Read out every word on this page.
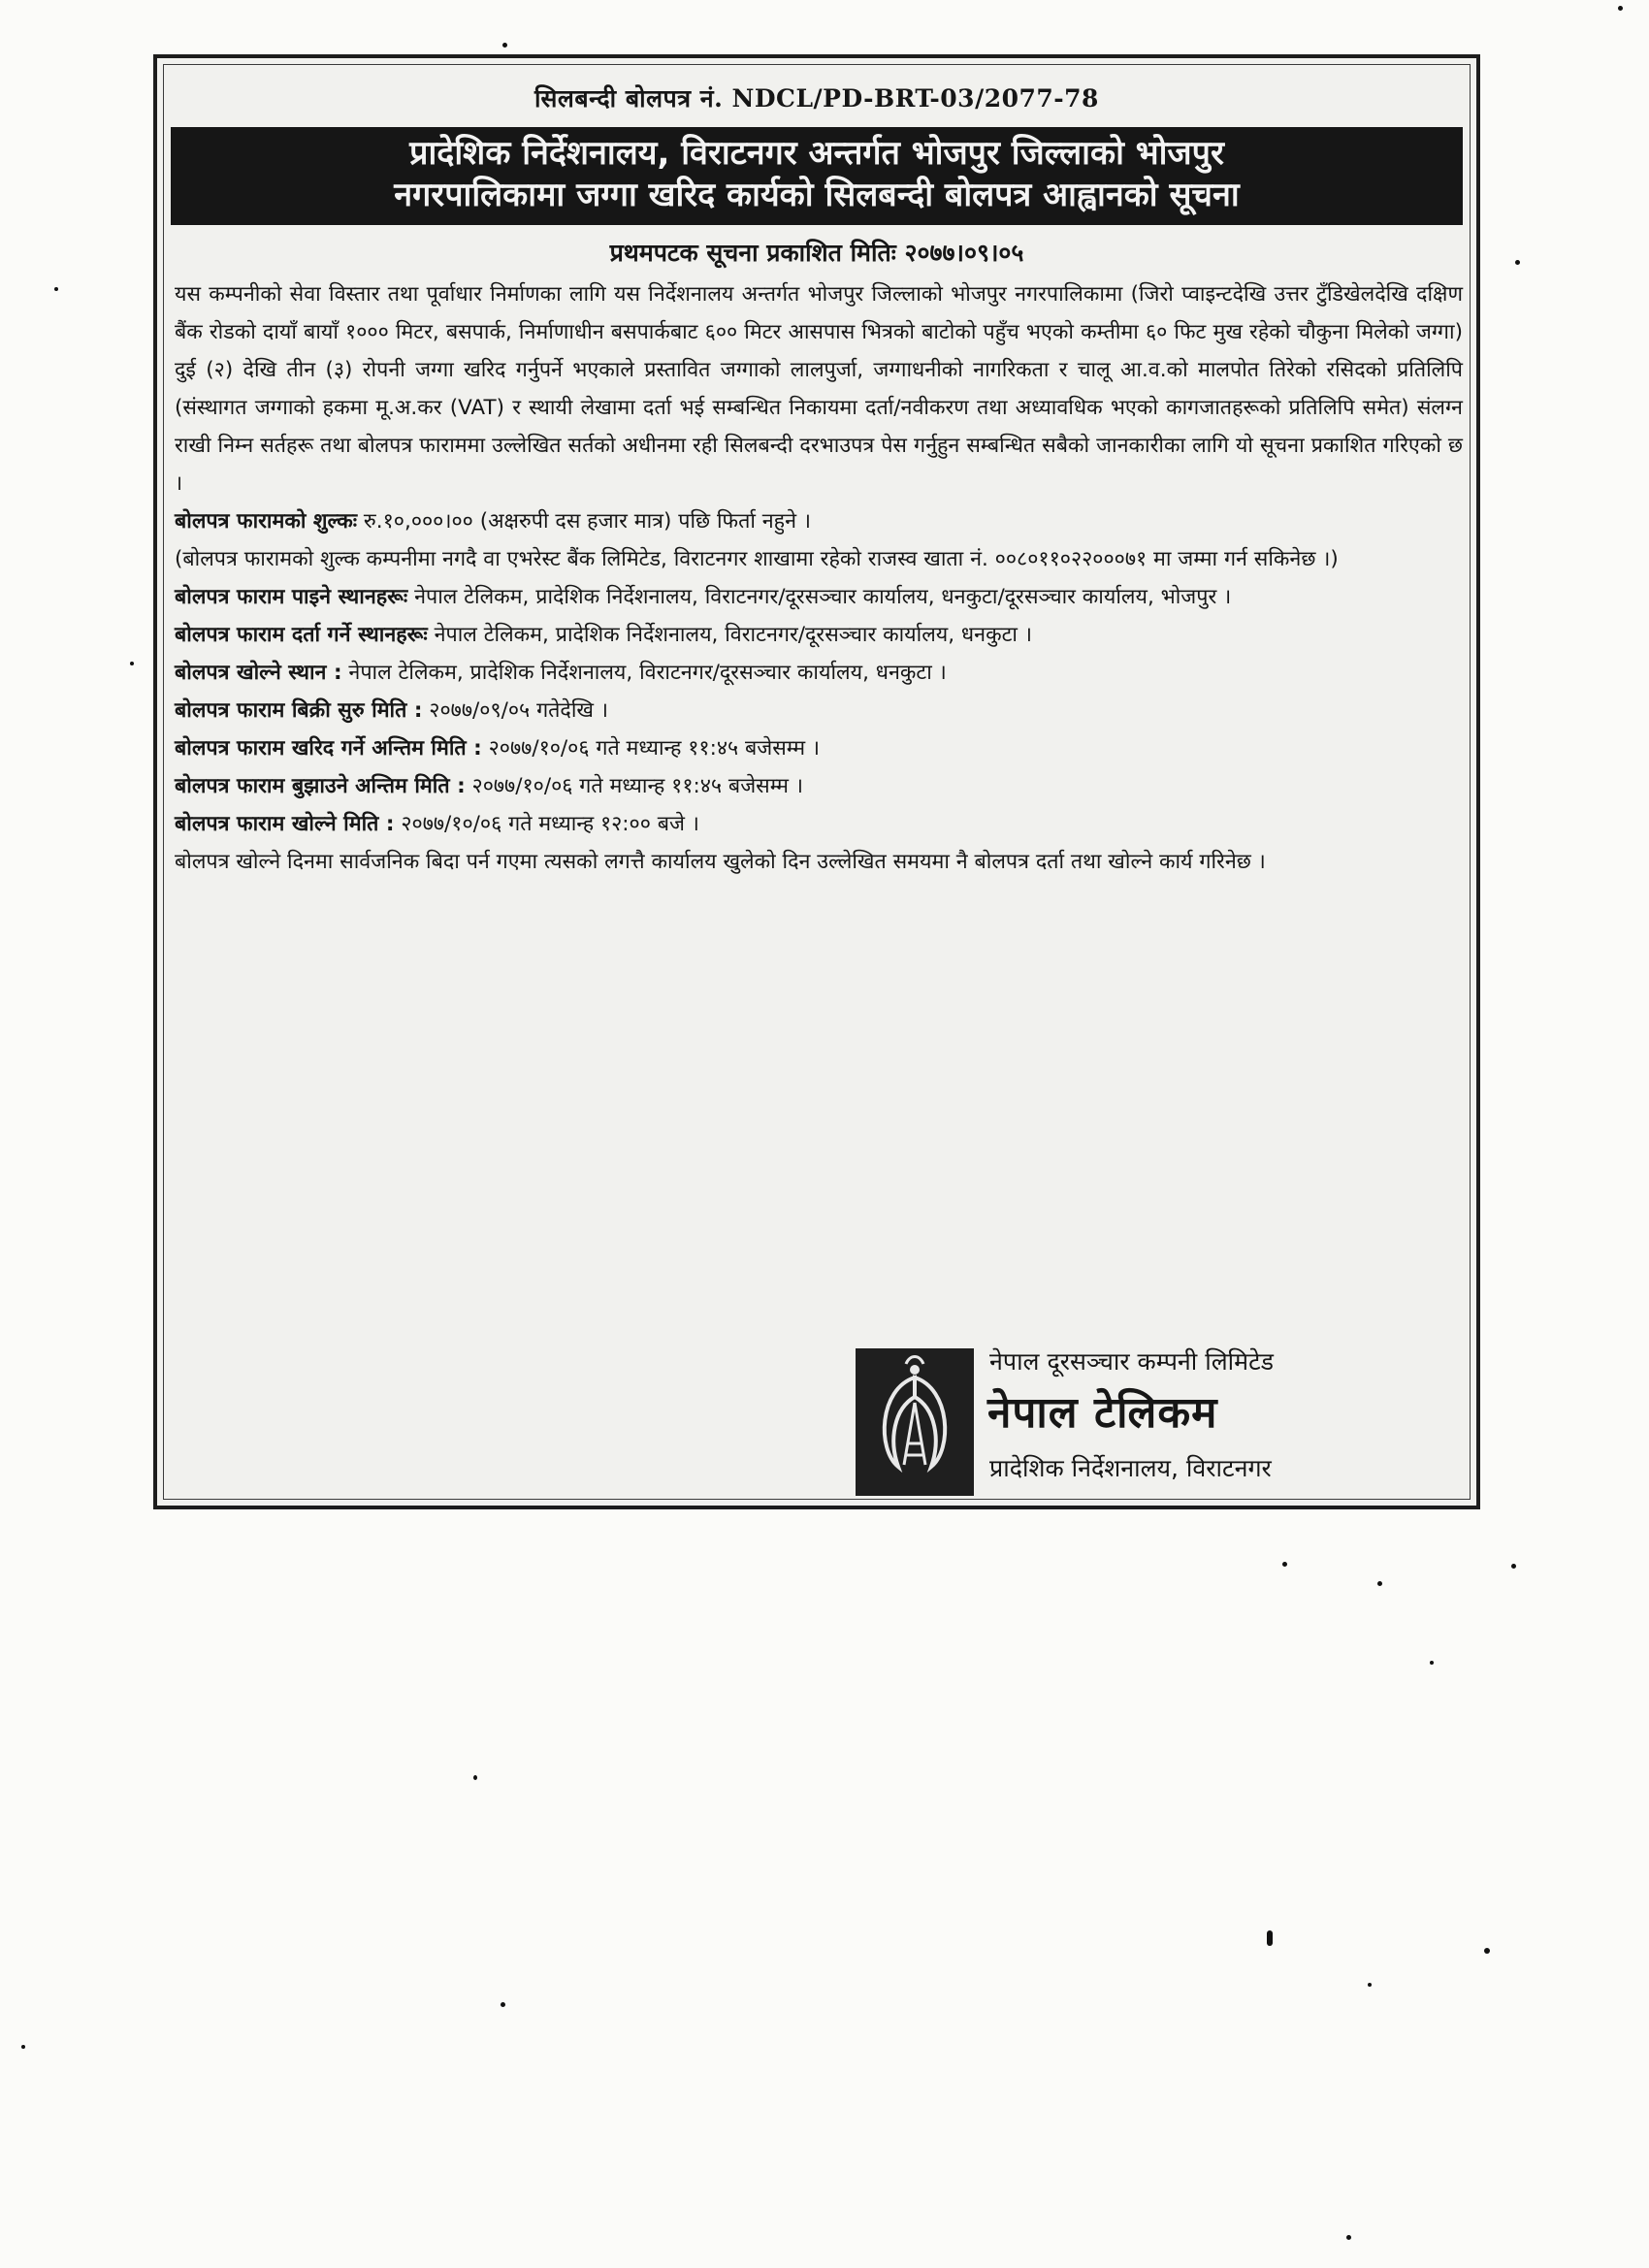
सिलबन्दी बोलपत्र नं. NDCL/PD-BRT-03/2077-78
प्रादेशिक निर्देशनालय, विराटनगर अन्तर्गत भोजपुर जिल्लाको भोजपुर
नगरपालिकामा जग्गा खरिद कार्यको सिलबन्दी बोलपत्र आह्वानको सूचना
प्रथमपटक सूचना प्रकाशित मितिः २०७७।०९।०५

यस कम्पनीको सेवा विस्तार तथा पूर्वाधार निर्माणका लागि यस निर्देशनालय अन्तर्गत भोजपुर जिल्लाको भोजपुर नगरपालिकामा (जिरो प्वाइन्टदेखि उत्तर टुँडिखेलदेखि दक्षिण बैंक रोडको दायाँ बायाँ १००० मिटर, बसपार्क, निर्माणाधीन बसपार्कबाट ६०० मिटर आसपास भित्रको बाटोको पहुँच भएको कम्तीमा ६० फिट मुख रहेको चौकुना मिलेको जग्गा) दुई (२) देखि तीन (३) रोपनी जग्गा खरिद गर्नुपर्ने भएकाले प्रस्तावित जग्गाको लालपुर्जा, जग्गाधनीको नागरिकता र चालू आ.व.को मालपोत तिरेको रसिदको प्रतिलिपि (संस्थागत जग्गाको हकमा मू.अ.कर (VAT) र स्थायी लेखामा दर्ता भई सम्बन्धित निकायमा दर्ता/नवीकरण तथा अध्यावधिक भएको कागजातहरूको प्रतिलिपि समेत) संलग्न राखी निम्न सर्तहरू तथा बोलपत्र फाराममा उल्लेखित सर्तको अधीनमा रही सिलबन्दी दरभाउपत्र पेस गर्नुहुन सम्बन्धित सबैको जानकारीका लागि यो सूचना प्रकाशित गरिएको छ ।

बोलपत्र फारामको शुल्कः रु.१०,०००।०० (अक्षरुपी दस हजार मात्र) पछि फिर्ता नहुने ।

(बोलपत्र फारामको शुल्क कम्पनीमा नगदै वा एभरेस्ट बैंक लिमिटेड, विराटनगर शाखामा रहेको राजस्व खाता नं. ००८०११०२२०००७१ मा जम्मा गर्न सकिनेछ ।)

बोलपत्र फाराम पाइने स्थानहरूः नेपाल टेलिकम, प्रादेशिक निर्देशनालय, विराटनगर/दूरसञ्चार कार्यालय, धनकुटा/दूरसञ्चार कार्यालय, भोजपुर ।

बोलपत्र फाराम दर्ता गर्ने स्थानहरूः नेपाल टेलिकम, प्रादेशिक निर्देशनालय, विराटनगर/दूरसञ्चार कार्यालय, धनकुटा ।

बोलपत्र खोल्ने स्थान : नेपाल टेलिकम, प्रादेशिक निर्देशनालय, विराटनगर/दूरसञ्चार कार्यालय, धनकुटा ।

बोलपत्र फाराम बिक्री सुरु मिति : २०७७/०९/०५ गतेदेखि ।

बोलपत्र फाराम खरिद गर्ने अन्तिम मिति : २०७७/१०/०६ गते मध्यान्ह ११:४५ बजेसम्म ।

बोलपत्र फाराम बुझाउने अन्तिम मिति : २०७७/१०/०६ गते मध्यान्ह ११:४५ बजेसम्म ।

बोलपत्र फाराम खोल्ने मिति : २०७७/१०/०६ गते मध्यान्ह १२:०० बजे ।

बोलपत्र खोल्ने दिनमा सार्वजनिक बिदा पर्न गएमा त्यसको लगत्तै कार्यालय खुलेको दिन उल्लेखित समयमा नै बोलपत्र दर्ता तथा खोल्ने कार्य गरिनेछ ।

नेपाल दूरसञ्चार कम्पनी लिमिटेड
नेपाल टेलिकम
प्रादेशिक निर्देशनालय, विराटनगर
